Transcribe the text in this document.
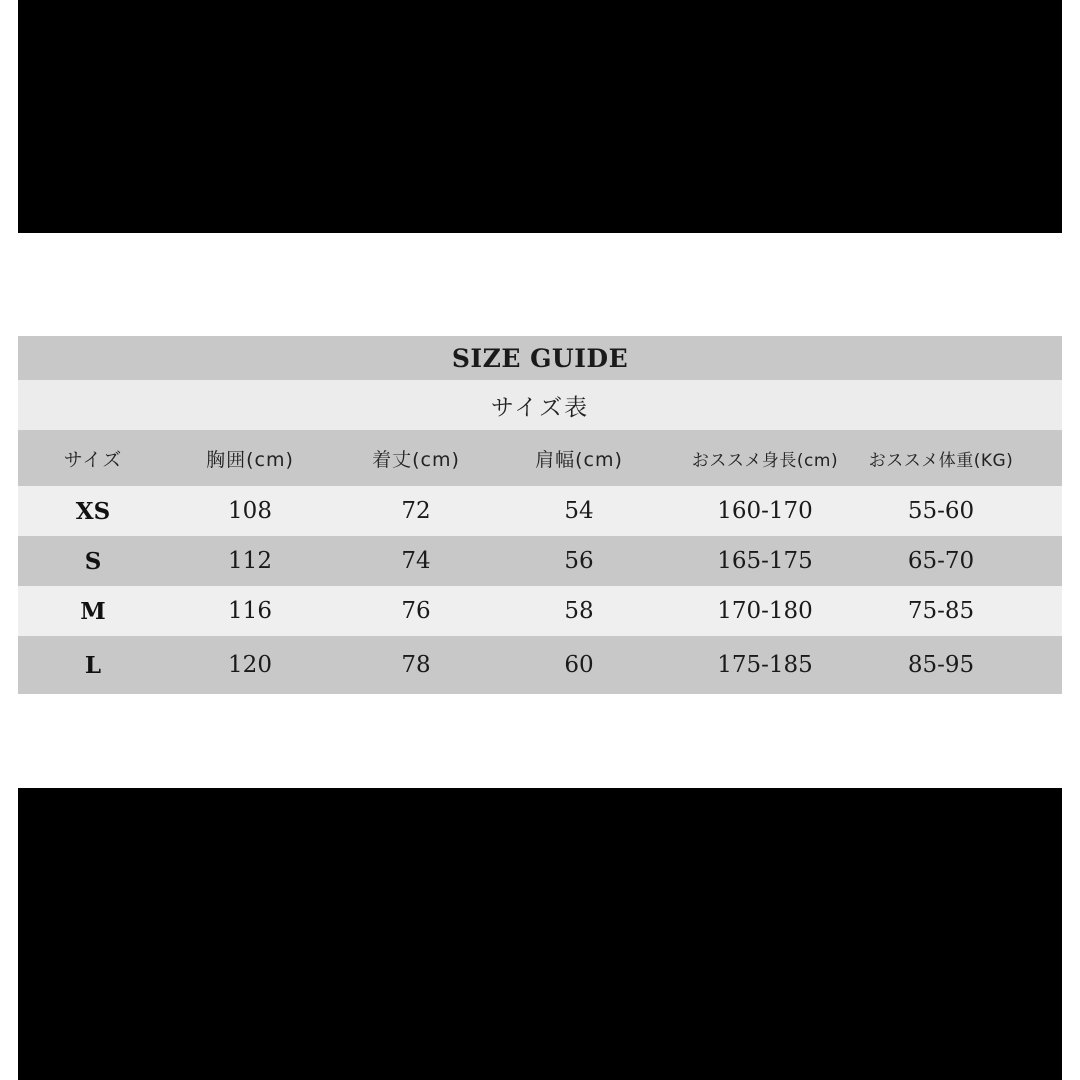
SIZE GUIDE
サイズ表
サイズ	胸囲(cm)	着丈(cm)	肩幅(cm)	おススメ身長(cm) おススメ体重(KG)
XS	108	72	54	160-170	55-60
S	112	74	56	165-175	65-70
M	116	76	58	170-180	75-85
L	120	78	60	175-185	85-95
